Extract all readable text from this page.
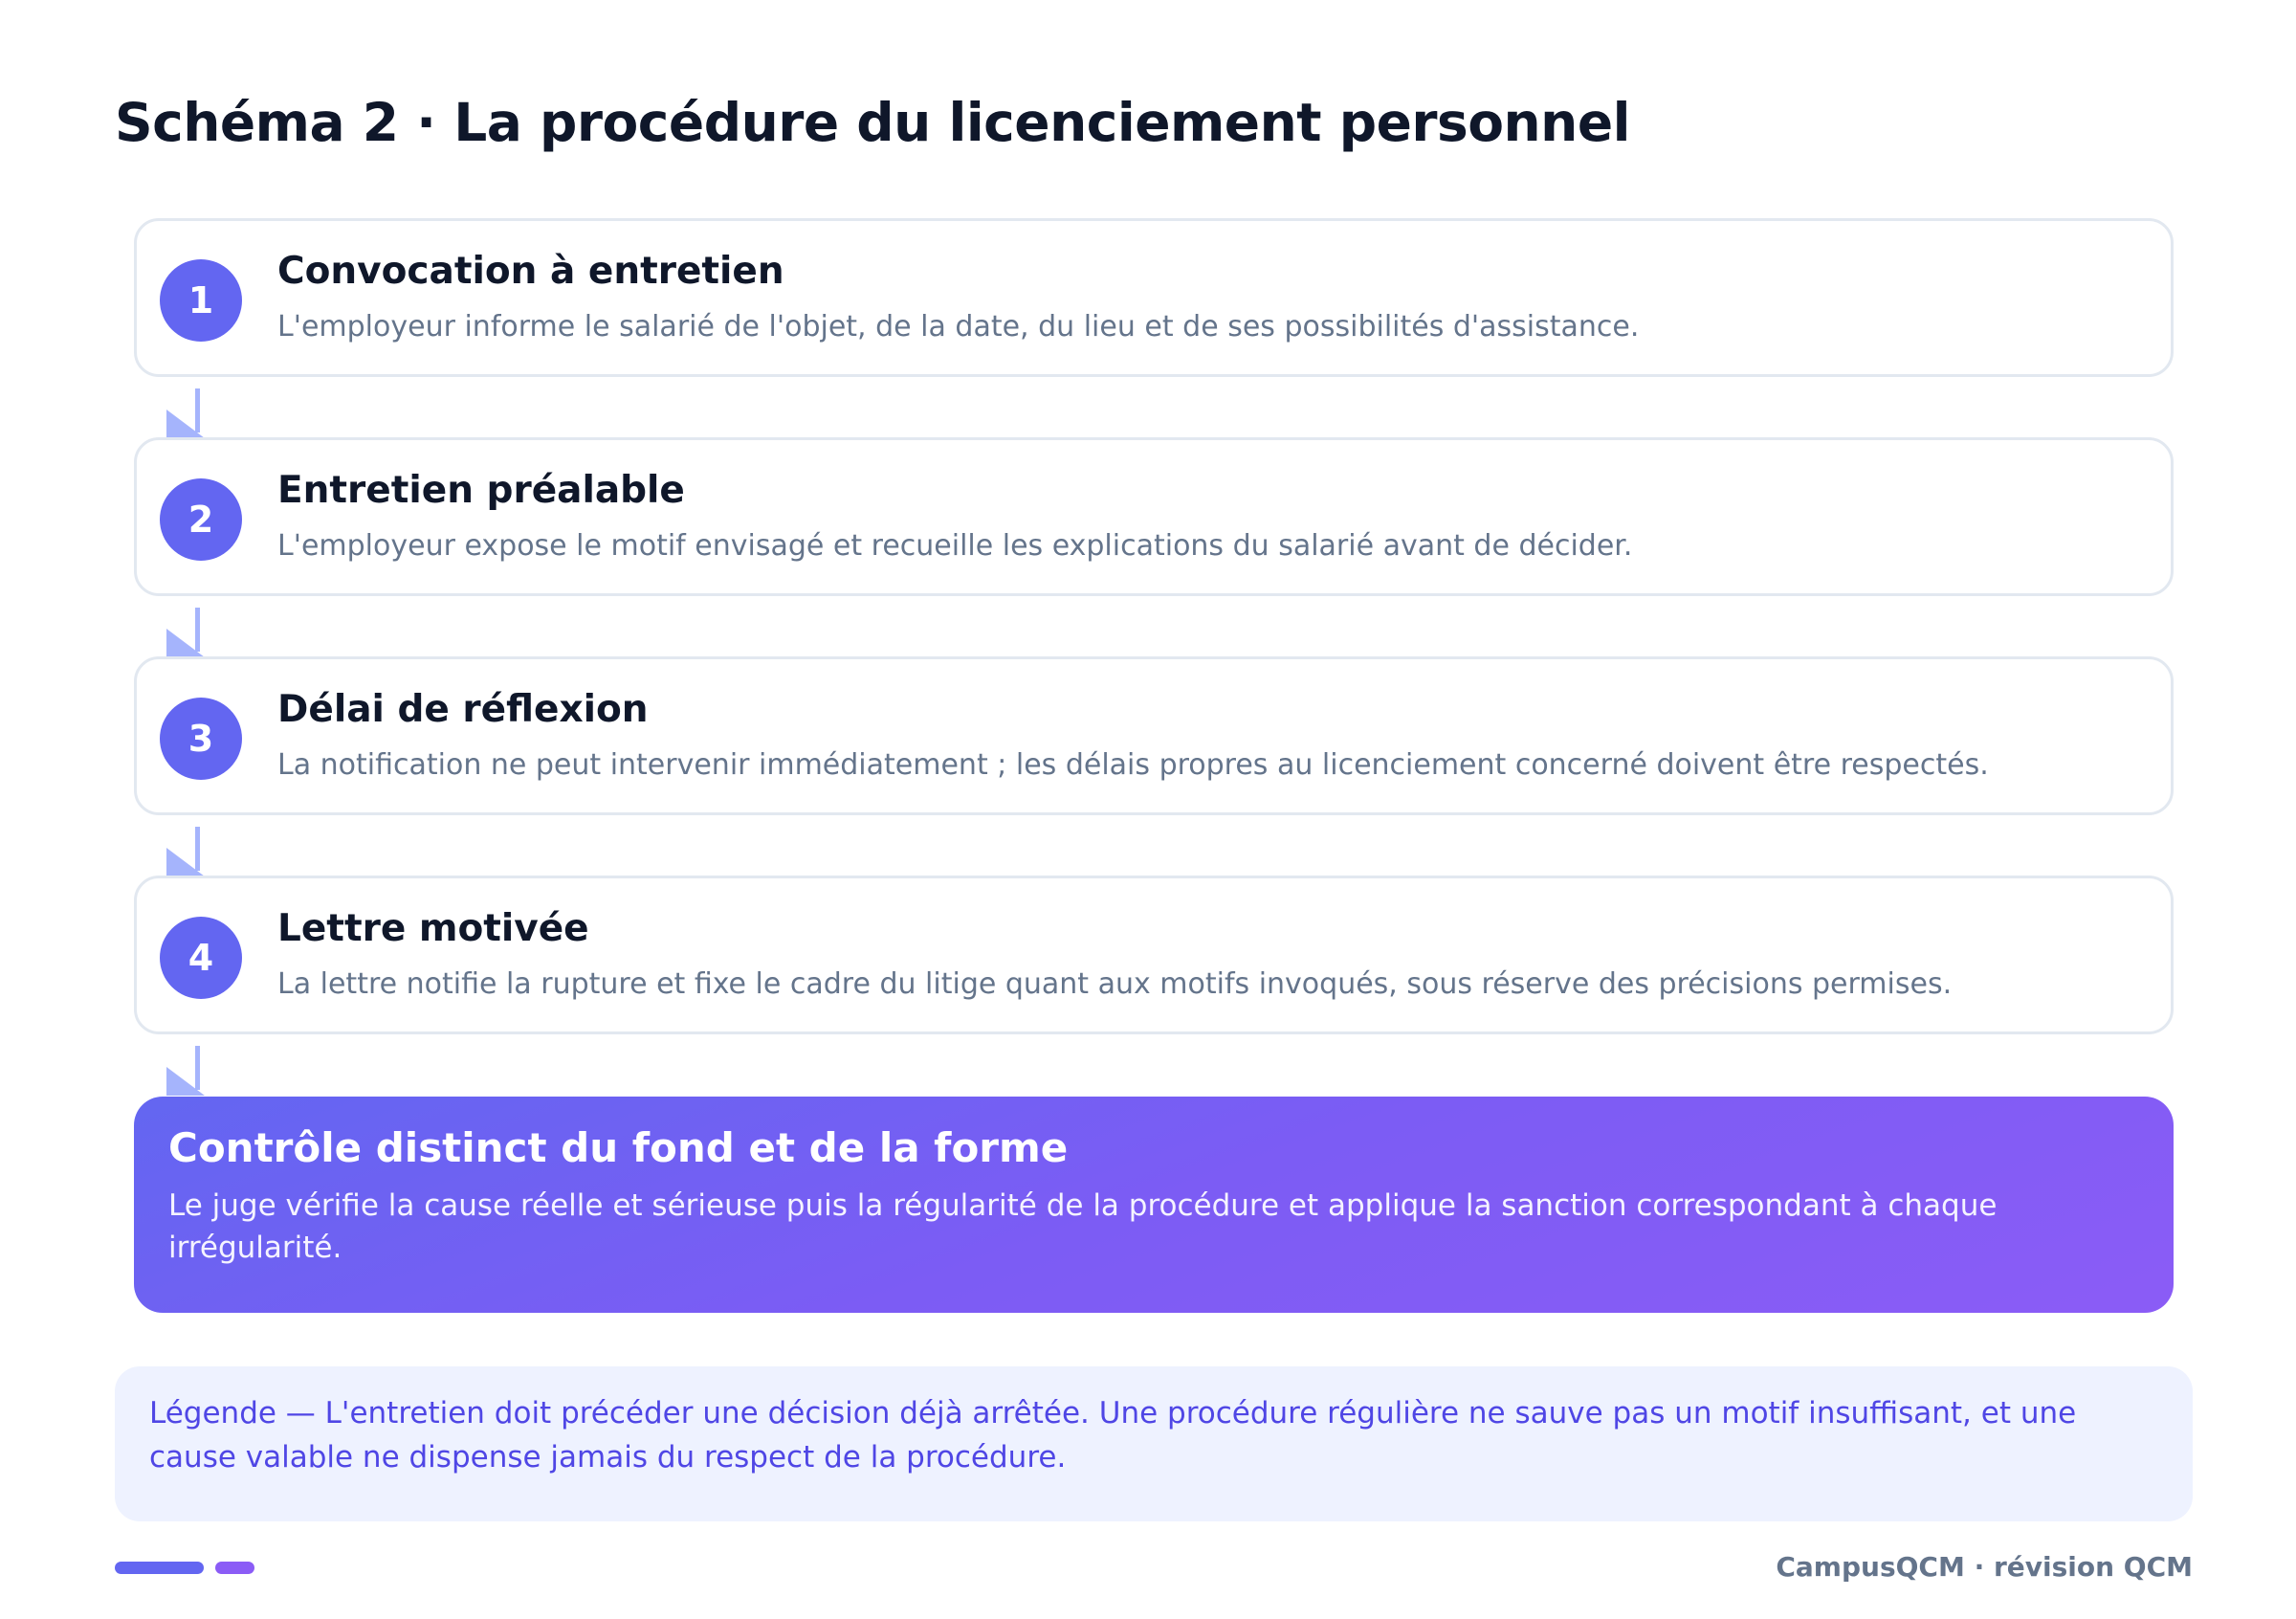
Schéma 2 · La procédure du licenciement personnel
1
Convocation à entretien

L'employeur informe le salarié de l'objet, de la date, du lieu et de ses possibilités d'assistance.

2
Entretien préalable

L'employeur expose le motif envisagé et recueille les explications du salarié avant de décider.

3
Délai de réflexion

La notification ne peut intervenir immédiatement ; les délais propres au licenciement concerné doivent être respectés.

4
Lettre motivée

La lettre notifie la rupture et fixe le cadre du litige quant aux motifs invoqués, sous réserve des précisions permises.

Contrôle distinct du fond et de la forme

Le juge vérifie la cause réelle et sérieuse puis la régularité de la procédure et applique la sanction correspondant à chaque irrégularité.

Légende — L'entretien doit précéder une décision déjà arrêtée. Une procédure régulière ne sauve pas un motif insuffisant, et une cause valable ne dispense jamais du respect de la procédure.

CampusQCM · révision QCM
